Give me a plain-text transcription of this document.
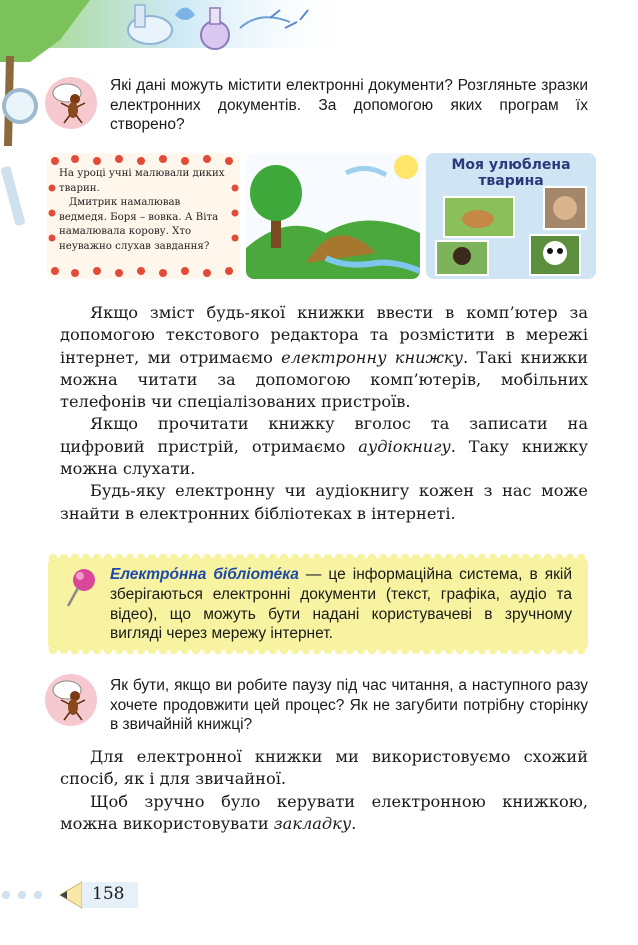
Які дані можуть містити електронні документи? Розгляньте зразки електронних документів. За допомогою яких програм їх створено?

На уроці учні малювали диких тварин.

Дмитрик намалював ведмедя. Боря – вовка. А Віта намалювала корову. Хто неуважно слухав завдання?

Моя улюблена тварина

Якщо зміст будь-якої книжки ввести в комп’ютер за допомогою текстового редактора та розмістити в мережі інтернет, ми отримаємо електронну книжку. Такі книжки можна читати за допомогою комп’ютерів, мобільних телефонів чи спеціалізованих пристроїв.

Якщо прочитати книжку вголос та записати на цифровий пристрій, отримаємо аудіокнигу. Таку книжку можна слухати.

Будь-яку електронну чи аудіокнигу кожен з нас може знайти в електронних бібліотеках в інтернеті.

Електро́нна бібліоте́ка — це інформаційна система, в якій зберігаються електронні документи (текст, графіка, аудіо та відео), що можуть бути надані користувачеві в зручному вигляді через мережу інтернет.
Як бути, якщо ви робите паузу під час читання, а наступного разу хочете продовжити цей процес? Як не загубити потрібну сторінку в звичайній книжці?

Для електронної книжки ми використовуємо схожий спосіб, як і для звичайної.

Щоб зручно було керувати електронною книжкою, можна використовувати закладку.

158
